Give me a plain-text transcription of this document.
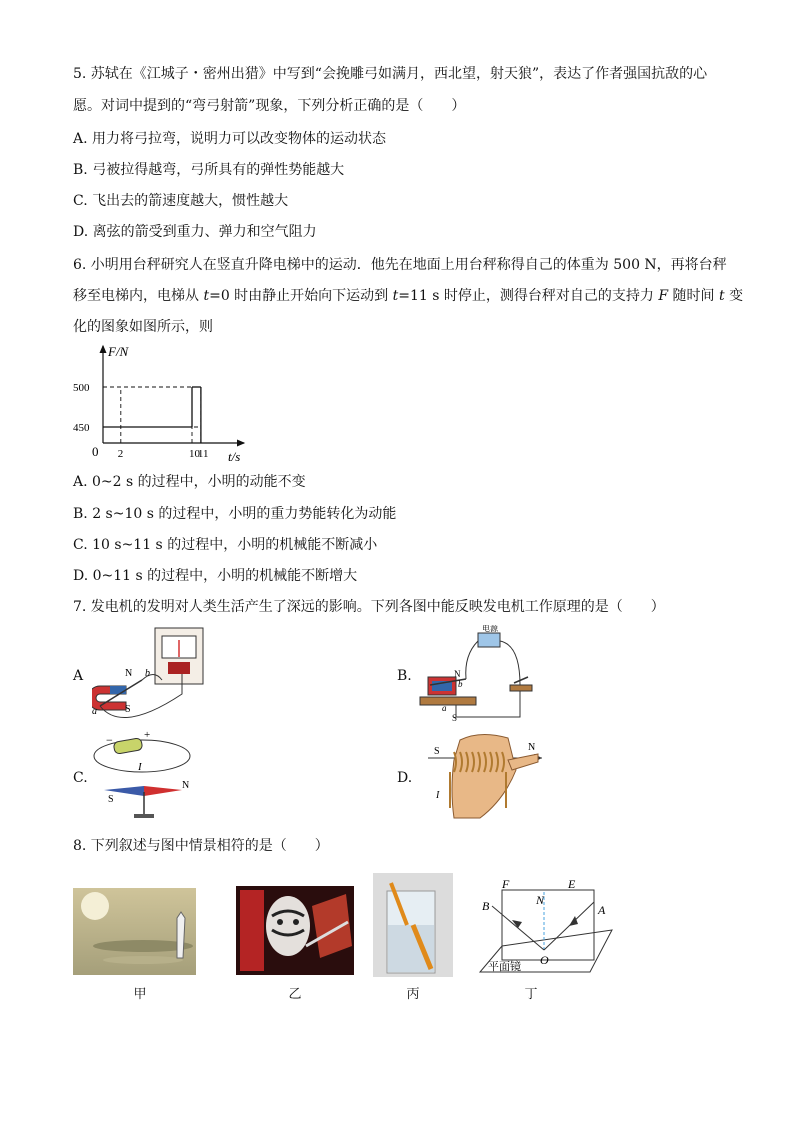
5. 苏轼在《江城子・密州出猎》中写到“会挽雕弓如满月，西北望，射天狼”，表达了作者强国抗敌的心
愿。对词中提到的“弯弓射箭”现象，下列分析正确的是（　　）
A. 用力将弓拉弯，说明力可以改变物体的运动状态
B. 弓被拉得越弯，弓所具有的弹性势能越大
C. 飞出去的箭速度越大，惯性越大
D. 离弦的箭受到重力、弹力和空气阻力
6. 小明用台秤研究人在竖直升降电梯中的运动．他先在地面上用台秤称得自己的体重为 500 N，再将台秤
移至电梯内，电梯从 t=0 时由静止开始向下运动到 t=11 s 时停止，测得台秤对自己的支持力 F 随时间 t 变
化的图象如图所示，则
F/N
t/s
0
500
450
2	10
11
A. 0~2 s 的过程中，小明的动能不变
B. 2 s~10 s 的过程中，小明的重力势能转化为动能
C. 10 s~11 s 的过程中，小明的机械能不断减小
D. 0~11 s 的过程中，小明的机械能不断增大
7. 发电机的发明对人类生活产生了深远的影响。下列各图中能反映发电机工作原理的是（　　）
A	N b
a	S
B.
电源
N
b
a
S
C.
−	+
I
S
N	D.
S	N
I
8. 下列叙述与图中情景相符的是（　　）
甲	乙	丙
F	E
N
B	A
O
平面镜
丁
